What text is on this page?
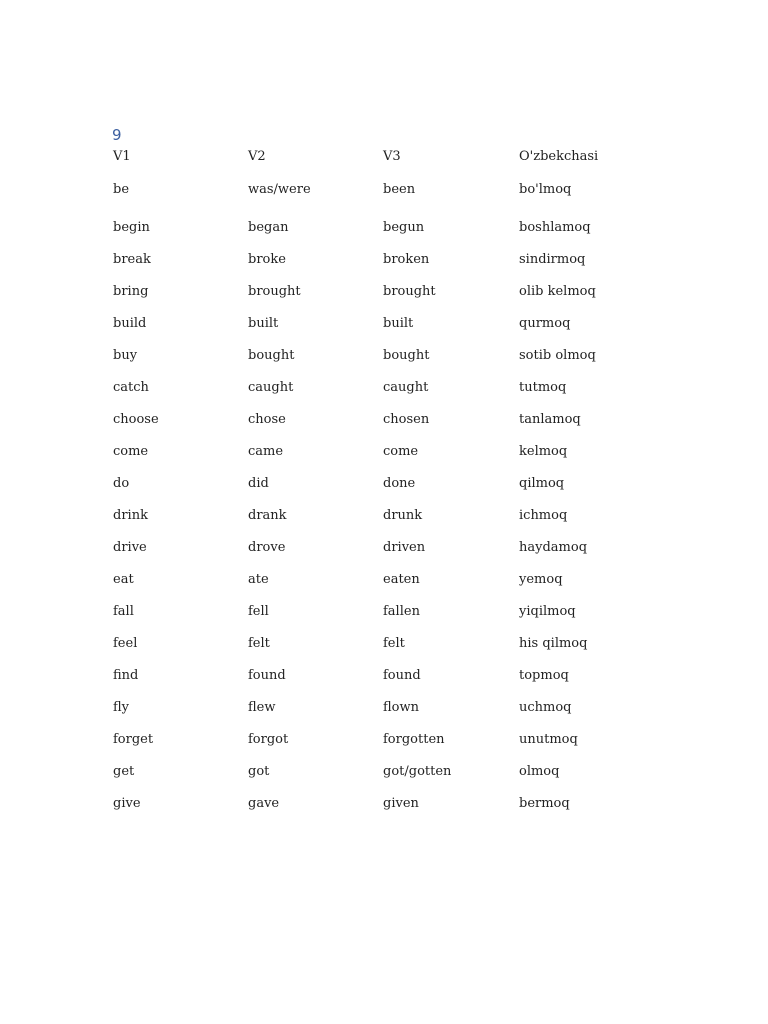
9
V1	V2	V3	O'zbekchasi
be	was/were	been	bo'lmoq
begin	began	begun	boshlamoq
break	broke	broken	sindirmoq
bring	brought	brought	olib kelmoq
build	built	built	qurmoq
buy	bought	bought	sotib olmoq
catch	caught	caught	tutmoq
choose	chose	chosen	tanlamoq
come	came	come	kelmoq
do	did	done	qilmoq
drink	drank	drunk	ichmoq
drive	drove	driven	haydamoq
eat	ate	eaten	yemoq
fall	fell	fallen	yiqilmoq
feel	felt	felt	his qilmoq
find	found	found	topmoq
fly	flew	flown	uchmoq
forget	forgot	forgotten	unutmoq
get	got	got/gotten	olmoq
give	gave	given	bermoq
